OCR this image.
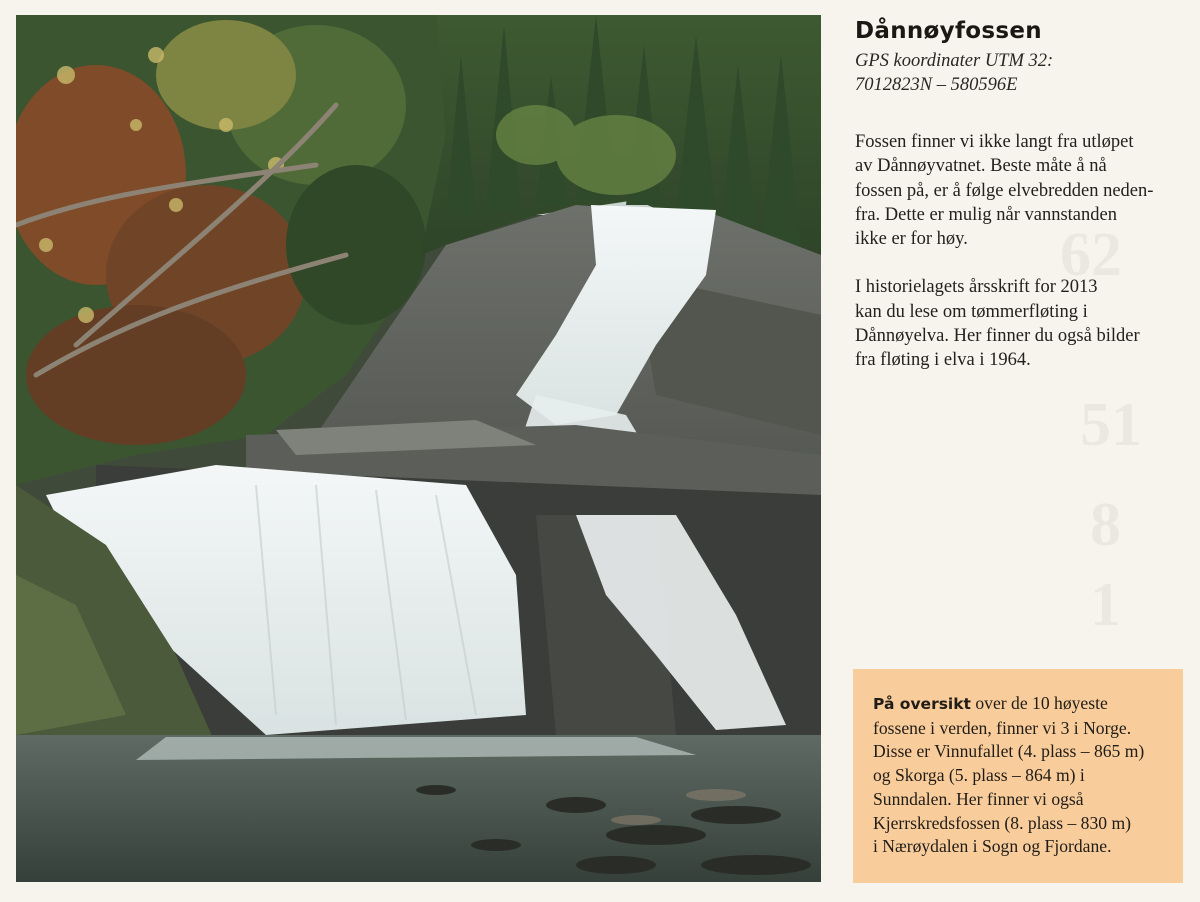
Dånnøyfossen

GPS koordinater UTM 32:
7012823N – 580596E

Fossen finner vi ikke langt fra utløpet
av Dånnøyvatnet. Beste måte å nå
fossen på, er å følge elvebredden neden-
fra. Dette er mulig når vannstanden
ikke er for høy.

I historielagets årsskrift for 2013
kan du lese om tømmerfløting i
Dånnøyelva. Her finner du også bilder
fra fløting i elva i 1964.

På oversikt over de 10 høyeste
fossene i verden, finner vi 3 i Norge.
Disse er Vinnufallet (4. plass – 865 m)
og Skorga (5. plass – 864 m) i
Sunndalen. Her finner vi også
Kjerrskredsfossen (8. plass – 830 m)
i Nærøydalen i Sogn og Fjordane.
